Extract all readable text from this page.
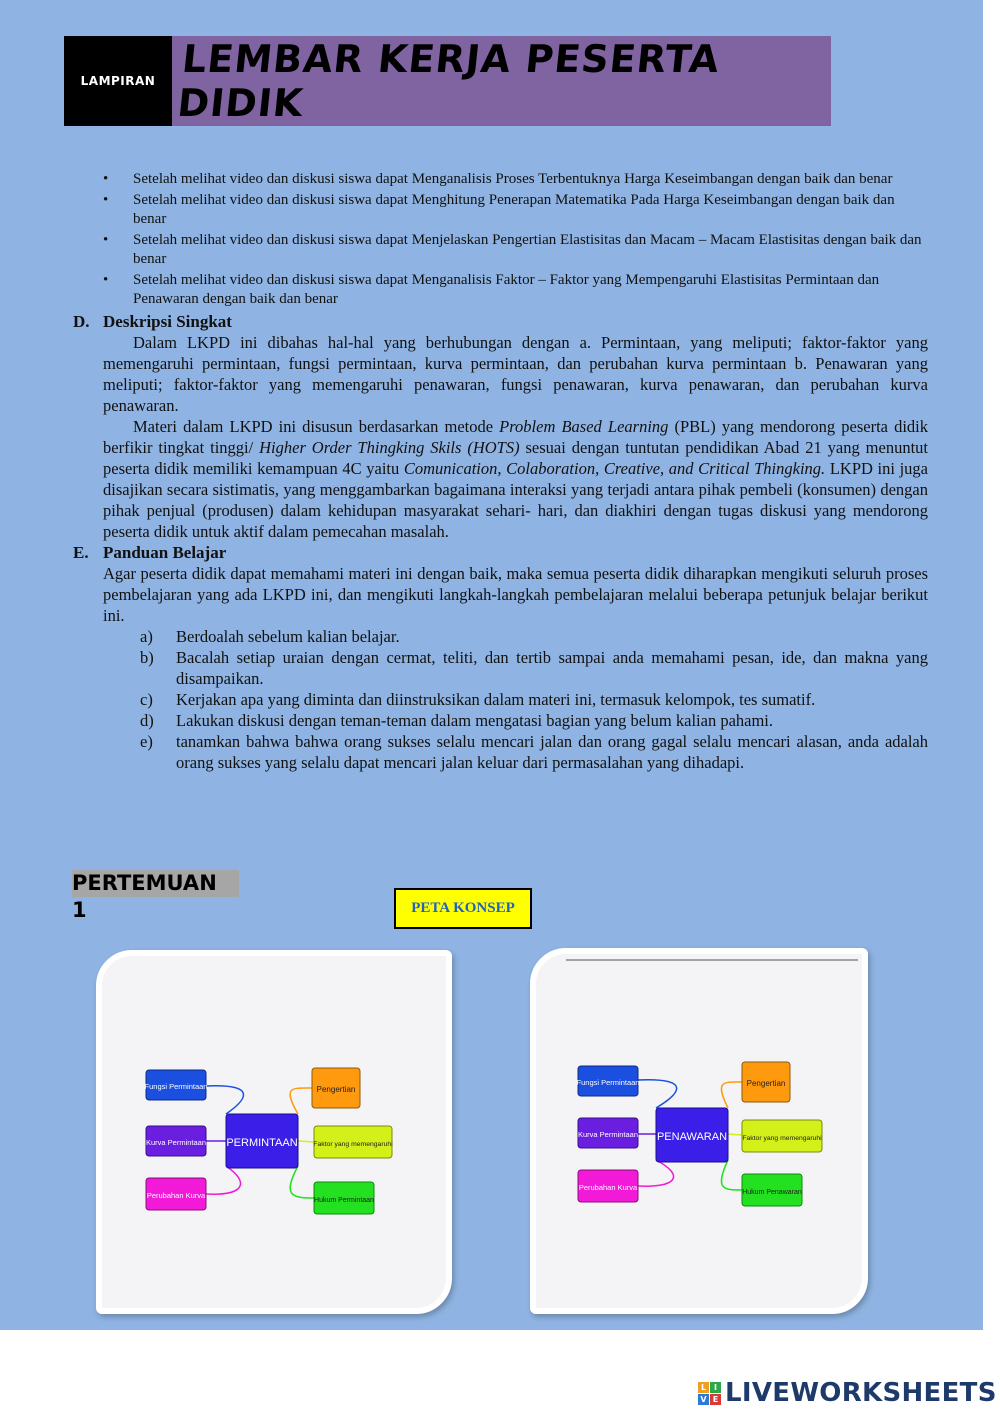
LAMPIRAN LEMBAR KERJA PESERTA DIDIK
• Setelah melihat video dan diskusi siswa dapat Menganalisis Proses Terbentuknya Harga Keseimbangan dengan baik dan benar
• Setelah melihat video dan diskusi siswa dapat Menghitung Penerapan Matematika Pada Harga Keseimbangan dengan baik dan benar
• Setelah melihat video dan diskusi siswa dapat Menjelaskan Pengertian Elastisitas dan Macam – Macam Elastisitas dengan baik dan benar
• Setelah melihat video dan diskusi siswa dapat Menganalisis Faktor – Faktor yang Mempengaruhi Elastisitas Permintaan dan Penawaran dengan baik dan benar
D. Deskripsi Singkat
Dalam LKPD ini dibahas hal-hal yang berhubungan dengan a. Permintaan, yang meliputi; faktor-faktor yang memengaruhi permintaan, fungsi permintaan, kurva permintaan, dan perubahan kurva permintaan b. Penawaran yang meliputi; faktor-faktor yang memengaruhi penawaran, fungsi penawaran, kurva penawaran, dan perubahan kurva penawaran.
Materi dalam LKPD ini disusun berdasarkan metode Problem Based Learning (PBL) yang mendorong peserta didik berfikir tingkat tinggi/ Higher Order Thingking Skils (HOTS) sesuai dengan tuntutan pendidikan Abad 21 yang menuntut peserta didik memiliki kemampuan 4C yaitu Comunication, Colaboration, Creative, and Critical Thingking. LKPD ini juga disajikan secara sistimatis, yang menggambarkan bagaimana interaksi yang terjadi antara pihak pembeli (konsumen) dengan pihak penjual (produsen) dalam kehidupan masyarakat sehari- hari, dan diakhiri dengan tugas diskusi yang mendorong peserta didik untuk aktif dalam pemecahan masalah.
E. Panduan Belajar
Agar peserta didik dapat memahami materi ini dengan baik, maka semua peserta didik diharapkan mengikuti seluruh proses pembelajaran yang ada LKPD ini, dan mengikuti langkah-langkah pembelajaran melalui beberapa petunjuk belajar berikut ini.
a) Berdoalah sebelum kalian belajar.
b) Bacalah setiap uraian dengan cermat, teliti, dan tertib sampai anda memahami pesan, ide, dan makna yang disampaikan.
c) Kerjakan apa yang diminta dan diinstruksikan dalam materi ini, termasuk kelompok, tes sumatif.
d) Lakukan diskusi dengan teman-teman dalam mengatasi bagian yang belum kalian pahami.
e) tanamkan bahwa bahwa orang sukses selalu mencari jalan dan orang gagal selalu mencari alasan, anda adalah orang sukses yang selalu dapat mencari jalan keluar dari permasalahan yang dihadapi.
PERTEMUAN 1	PETA KONSEP
Fungsi Permintaan
Kurva Permintaan
Perubahan Kurva
PERMINTAAN
Pengertian
Faktor yang memengaruhi
Hukum Permintaan
Fungsi Permintaan
Kurva Permintaan
Perubahan Kurva
PENAWARAN
Pengertian
Faktor yang memengaruhi
Hukum Penawaran
L I
V E LIVEWORKSHEETS
